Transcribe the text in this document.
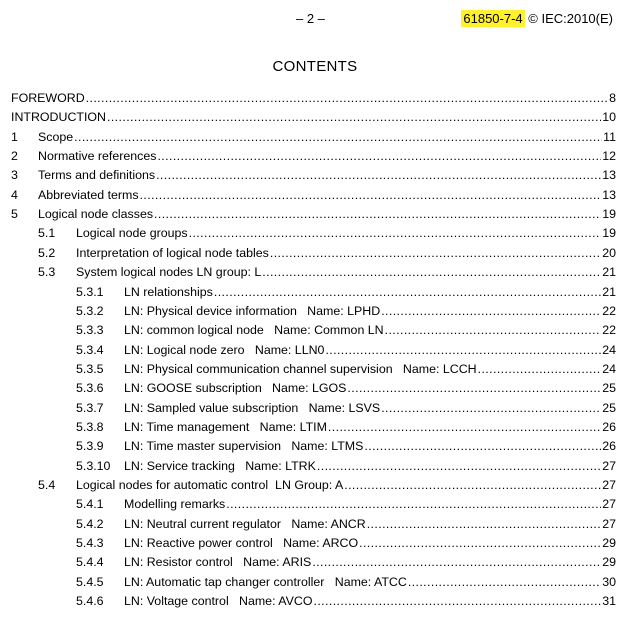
– 2 –	61850-7-4 © IEC:2010(E)
CONTENTS
FOREWORD .....	8
INTRODUCTION .....	10
1 Scope .....	11
2 Normative references .....	12
3 Terms and definitions .....	13
4 Abbreviated terms .....	13
5 Logical node classes .....	19
5.1 Logical node groups .....	19
5.2 Interpretation of logical node tables .....	20
5.3 System logical nodes LN group: L .....	21
5.3.1 LN relationships .....	21
5.3.2 LN: Physical device information   Name: LPHD .....	22
5.3.3 LN: common logical node   Name: Common LN .....	22
5.3.4 LN: Logical node zero   Name: LLN0 .....	24
5.3.5 LN: Physical communication channel supervision   Name: LCCH .....	24
5.3.6 LN: GOOSE subscription   Name: LGOS .....	25
5.3.7 LN: Sampled value subscription   Name: LSVS .....	25
5.3.8 LN: Time management   Name: LTIM .....	26
5.3.9 LN: Time master supervision   Name: LTMS .....	26
5.3.10 LN: Service tracking   Name: LTRK .....	27
5.4 Logical nodes for automatic control  LN Group: A .....	27
5.4.1 Modelling remarks .....	27
5.4.2 LN: Neutral current regulator   Name: ANCR .....	27
5.4.3 LN: Reactive power control   Name: ARCO .....	29
5.4.4 LN: Resistor control   Name: ARIS .....	29
5.4.5 LN: Automatic tap changer controller   Name: ATCC .....	30
5.4.6 LN: Voltage control   Name: AVCO .....	31
